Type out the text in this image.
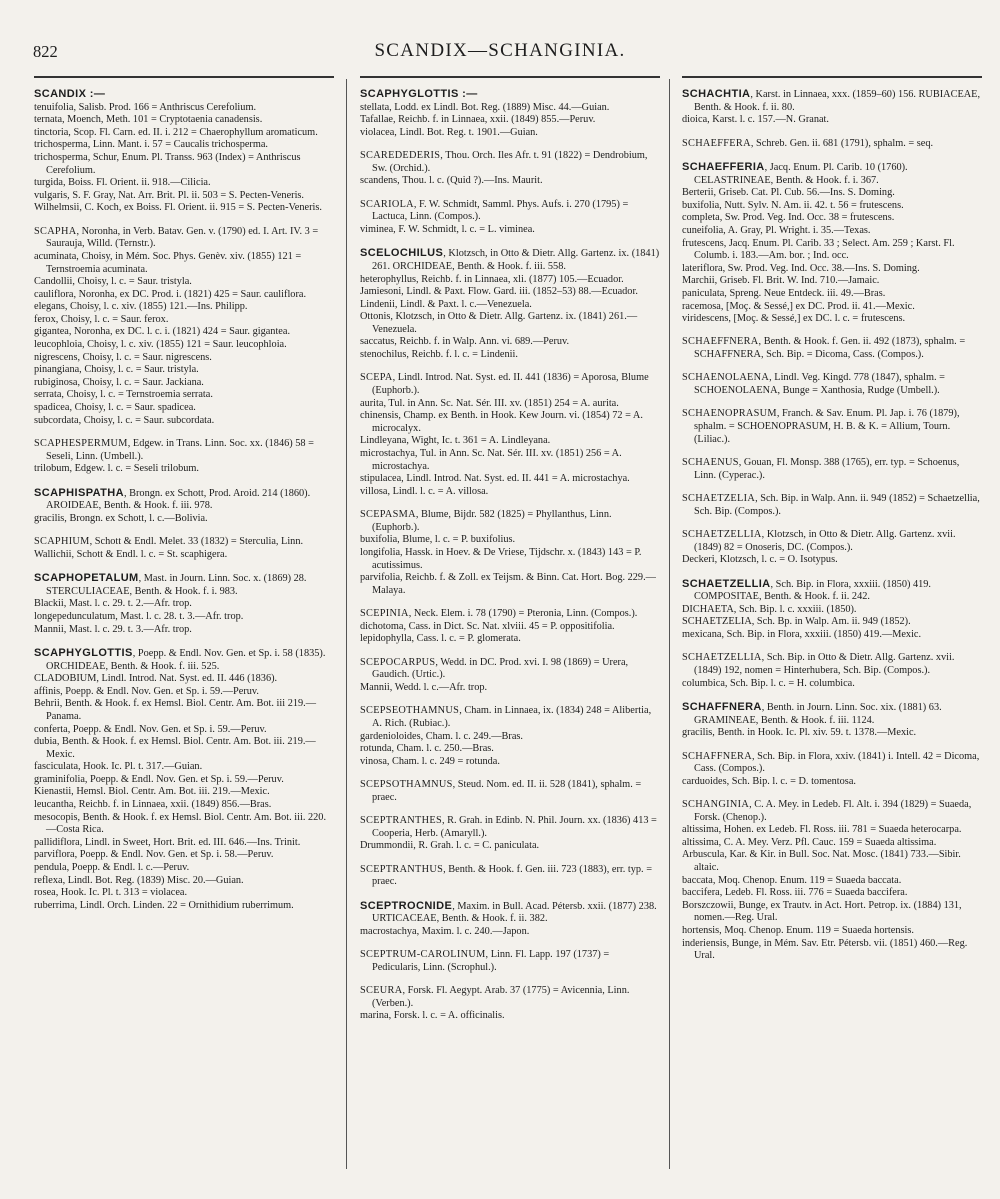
822	SCANDIX—SCHANGINIA.
SCANDIX :—
tenuifolia, Salisb. Prod. 166 = Anthriscus Cerefolium.
ternata, Moench, Meth. 101 = Cryptotaenia canadensis.
tinctoria, Scop. Fl. Carn. ed. II. i. 212 = Chaerophyllum aromaticum.
trichosperma, Linn. Mant. i. 57 = Caucalis trichosperma.
trichosperma, Schur, Enum. Pl. Transs. 963 (Index) = Anthriscus Cerefolium.
turgida, Boiss. Fl. Orient. ii. 918.—Cilicia.
vulgaris, S. F. Gray, Nat. Arr. Brit. Pl. ii. 503 = S. Pecten-Veneris.
Wilhelmsii, C. Koch, ex Boiss. Fl. Orient. ii. 915 = S. Pecten-Veneris.
SCAPHA, Noronha, in Verb. Batav. Gen. v. (1790) ed. I. Art. IV. 3 = Saurauja, Willd. (Ternstr.).
acuminata, Choisy, in Mém. Soc. Phys. Genèv. xiv. (1855) 121 = Ternstroemia acuminata.
Candollii, Choisy, l. c. = Saur. tristyla.
cauliflora, Noronha, ex DC. Prod. i. (1821) 425 = Saur. cauliflora.
elegans, Choisy, l. c. xiv. (1855) 121.—Ins. Philipp.
ferox, Choisy, l. c. = Saur. ferox.
gigantea, Noronha, ex DC. l. c. i. (1821) 424 = Saur. gigantea.
leucophloia, Choisy, l. c. xiv. (1855) 121 = Saur. leucophloia.
nigrescens, Choisy, l. c. = Saur. nigrescens.
pinangiana, Choisy, l. c. = Saur. tristyla.
rubiginosa, Choisy, l. c. = Saur. Jackiana.
serrata, Choisy, l. c. = Ternstroemia serrata.
spadicea, Choisy, l. c. = Saur. spadicea.
subcordata, Choisy, l. c. = Saur. subcordata.
SCAPHESPERMUM, Edgew. in Trans. Linn. Soc. xx. (1846) 58 = Seseli, Linn. (Umbell.).
trilobum, Edgew. l. c. = Seseli trilobum.
SCAPHISPATHA, Brongn. ex Schott, Prod. Aroid. 214 (1860). AROIDEAE, Benth. & Hook. f. iii. 978.
gracilis, Brongn. ex Schott, l. c.—Bolivia.
SCAPHIUM, Schott & Endl. Melet. 33 (1832) = Sterculia, Linn.
Wallichii, Schott & Endl. l. c. = St. scaphigera.
SCAPHOPETALUM, Mast. in Journ. Linn. Soc. x. (1869) 28. STERCULIACEAE, Benth. & Hook. f. i. 983.
Blackii, Mast. l. c. 29. t. 2.—Afr. trop.
longepedunculatum, Mast. l. c. 28. t. 3.—Afr. trop.
Mannii, Mast. l. c. 29. t. 3.—Afr. trop.
SCAPHYGLOTTIS, Poepp. & Endl. Nov. Gen. et Sp. i. 58 (1835). ORCHIDEAE, Benth. & Hook. f. iii. 525.
CLADOBIUM, Lindl. Introd. Nat. Syst. ed. II. 446 (1836).
affinis, Poepp. & Endl. Nov. Gen. et Sp. i. 59.—Peruv.
Behrii, Benth. & Hook. f. ex Hemsl. Biol. Centr. Am. Bot. iii 219.—Panama.
conferta, Poepp. & Endl. Nov. Gen. et Sp. i. 59.—Peruv.
dubia, Benth. & Hook. f. ex Hemsl. Biol. Centr. Am. Bot. iii. 219.—Mexic.
fasciculata, Hook. Ic. Pl. t. 317.—Guian.
graminifolia, Poepp. & Endl. Nov. Gen. et Sp. i. 59.—Peruv.
Kienastii, Hemsl. Biol. Centr. Am. Bot. iii. 219.—Mexic.
leucantha, Reichb. f. in Linnaea, xxii. (1849) 856.—Bras.
mesocopis, Benth. & Hook. f. ex Hemsl. Biol. Centr. Am. Bot. iii. 220.—Costa Rica.
pallidiflora, Lindl. in Sweet, Hort. Brit. ed. III. 646.—Ins. Trinit.
parviflora, Poepp. & Endl. Nov. Gen. et Sp. i. 58.—Peruv.
pendula, Poepp. & Endl. l. c.—Peruv.
reflexa, Lindl. Bot. Reg. (1839) Misc. 20.—Guian.
rosea, Hook. Ic. Pl. t. 313 = violacea.
ruberrima, Lindl. Orch. Linden. 22 = Ornithidium ruberrimum.
SCAPHYGLOTTIS :—
stellata, Lodd. ex Lindl. Bot. Reg. (1889) Misc. 44.—Guian.
Tafallae, Reichb. f. in Linnaea, xxii. (1849) 855.—Peruv.
violacea, Lindl. Bot. Reg. t. 1901.—Guian.
SCAREDEDERIS, Thou. Orch. Iles Afr. t. 91 (1822) = Dendrobium, Sw. (Orchid.).
scandens, Thou. l. c. (Quid ?).—Ins. Maurit.
SCARIOLA, F. W. Schmidt, Samml. Phys. Aufs. i. 270 (1795) = Lactuca, Linn. (Compos.).
viminea, F. W. Schmidt, l. c. = L. viminea.
SCELOCHILUS, Klotzsch, in Otto & Dietr. Allg. Gartenz. ix. (1841) 261. ORCHIDEAE, Benth. & Hook. f. iii. 558.
heterophyllus, Reichb. f. in Linnaea, xli. (1877) 105.—Ecuador.
Jamiesoni, Lindl. & Paxt. Flow. Gard. iii. (1852–53) 88.—Ecuador.
Lindenii, Lindl. & Paxt. l. c.—Venezuela.
Ottonis, Klotzsch, in Otto & Dietr. Allg. Gartenz. ix. (1841) 261.—Venezuela.
saccatus, Reichb. f. in Walp. Ann. vi. 689.—Peruv.
stenochilus, Reichb. f. l. c. = Lindenii.
SCEPA, Lindl. Introd. Nat. Syst. ed. II. 441 (1836) = Aporosa, Blume (Euphorb.).
aurita, Tul. in Ann. Sc. Nat. Sér. III. xv. (1851) 254 = A. aurita.
chinensis, Champ. ex Benth. in Hook. Kew Journ. vi. (1854) 72 = A. microcalyx.
Lindleyana, Wight, Ic. t. 361 = A. Lindleyana.
microstachya, Tul. in Ann. Sc. Nat. Sér. III. xv. (1851) 256 = A. microstachya.
stipulacea, Lindl. Introd. Nat. Syst. ed. II. 441 = A. microstachya.
villosa, Lindl. l. c. = A. villosa.
SCEPASMA, Blume, Bijdr. 582 (1825) = Phyllanthus, Linn. (Euphorb.).
buxifolia, Blume, l. c. = P. buxifolius.
longifolia, Hassk. in Hoev. & De Vriese, Tijdschr. x. (1843) 143 = P. acutissimus.
parvifolia, Reichb. f. & Zoll. ex Teijsm. & Binn. Cat. Hort. Bog. 229.—Malaya.
SCEPINIA, Neck. Elem. i. 78 (1790) = Pteronia, Linn. (Compos.).
dichotoma, Cass. in Dict. Sc. Nat. xlviii. 45 = P. oppositifolia.
lepidophylla, Cass. l. c. = P. glomerata.
SCEPOCARPUS, Wedd. in DC. Prod. xvi. I. 98 (1869) = Urera, Gaudich. (Urtic.).
Mannii, Wedd. l. c.—Afr. trop.
SCEPSEOTHAMNUS, Cham. in Linnaea, ix. (1834) 248 = Alibertia, A. Rich. (Rubiac.).
gardenioloides, Cham. l. c. 249.—Bras.
rotunda, Cham. l. c. 250.—Bras.
vinosa, Cham. l. c. 249 = rotunda.
SCEPSOTHAMNUS, Steud. Nom. ed. II. ii. 528 (1841), sphalm. = praec.
SCEPTRANTHES, R. Grah. in Edinb. N. Phil. Journ. xx. (1836) 413 = Cooperia, Herb. (Amaryll.).
Drummondii, R. Grah. l. c. = C. paniculata.
SCEPTRANTHUS, Benth. & Hook. f. Gen. iii. 723 (1883), err. typ. = praec.
SCEPTROCNIDE, Maxim. in Bull. Acad. Pétersb. xxii. (1877) 238. URTICACEAE, Benth. & Hook. f. ii. 382.
macrostachya, Maxim. l. c. 240.—Japon.
SCEPTRUM-CAROLINUM, Linn. Fl. Lapp. 197 (1737) = Pedicularis, Linn. (Scrophul.).
SCEURA, Forsk. Fl. Aegypt. Arab. 37 (1775) = Avicennia, Linn. (Verben.).
marina, Forsk. l. c. = A. officinalis.
SCHACHTIA, Karst. in Linnaea, xxx. (1859–60) 156. RUBIACEAE, Benth. & Hook. f. ii. 80.
dioica, Karst. l. c. 157.—N. Granat.
SCHAEFFERA, Schreb. Gen. ii. 681 (1791), sphalm. = seq.
SCHAEFFERIA, Jacq. Enum. Pl. Carib. 10 (1760). CELASTRINEAE, Benth. & Hook. f. i. 367.
Berterii, Griseb. Cat. Pl. Cub. 56.—Ins. S. Doming.
buxifolia, Nutt. Sylv. N. Am. ii. 42. t. 56 = frutescens.
completa, Sw. Prod. Veg. Ind. Occ. 38 = frutescens.
cuneifolia, A. Gray, Pl. Wright. i. 35.—Texas.
frutescens, Jacq. Enum. Pl. Carib. 33 ; Select. Am. 259 ; Karst. Fl. Columb. i. 183.—Am. bor. ; Ind. occ.
lateriflora, Sw. Prod. Veg. Ind. Occ. 38.—Ins. S. Doming.
Marchii, Griseb. Fl. Brit. W. Ind. 710.—Jamaic.
paniculata, Spreng. Neue Entdeck. iii. 49.—Bras.
racemosa, [Moç. & Sessé,] ex DC. Prod. ii. 41.—Mexic.
viridescens, [Moç. & Sessé,] ex DC. l. c. = frutescens.
SCHAEFFNERA, Benth. & Hook. f. Gen. ii. 492 (1873), sphalm. = SCHAFFNERA, Sch. Bip. = Dicoma, Cass. (Compos.).
SCHAENOLAENA, Lindl. Veg. Kingd. 778 (1847), sphalm. = SCHOENOLAENA, Bunge = Xanthosia, Rudge (Umbell.).
SCHAENOPRASUM, Franch. & Sav. Enum. Pl. Jap. i. 76 (1879), sphalm. = SCHOENOPRASUM, H. B. & K. = Allium, Tourn. (Liliac.).
SCHAENUS, Gouan, Fl. Monsp. 388 (1765), err. typ. = Schoenus, Linn. (Cyperac.).
SCHAETZELIA, Sch. Bip. in Walp. Ann. ii. 949 (1852) = Schaetzellia, Sch. Bip. (Compos.).
SCHAETZELLIA, Klotzsch, in Otto & Dietr. Allg. Gartenz. xvii. (1849) 82 = Onoseris, DC. (Compos.).
Deckeri, Klotzsch, l. c. = O. Isotypus.
SCHAETZELLIA, Sch. Bip. in Flora, xxxiii. (1850) 419. COMPOSITAE, Benth. & Hook. f. ii. 242.
DICHAETA, Sch. Bip. l. c. xxxiii. (1850).
SCHAETZELIA, Sch. Bp. in Walp. Am. ii. 949 (1852).
mexicana, Sch. Bip. in Flora, xxxiii. (1850) 419.—Mexic.
SCHAETZELLIA, Sch. Bip. in Otto & Dietr. Allg. Gartenz. xvii. (1849) 192, nomen = Hinterhubera, Sch. Bip. (Compos.).
columbica, Sch. Bip. l. c. = H. columbica.
SCHAFFNERA, Benth. in Journ. Linn. Soc. xix. (1881) 63. GRAMINEAE, Benth. & Hook. f. iii. 1124.
gracilis, Benth. in Hook. Ic. Pl. xiv. 59. t. 1378.—Mexic.
SCHAFFNERA, Sch. Bip. in Flora, xxiv. (1841) i. Intell. 42 = Dicoma, Cass. (Compos.).
carduoides, Sch. Bip. l. c. = D. tomentosa.
SCHANGINIA, C. A. Mey. in Ledeb. Fl. Alt. i. 394 (1829) = Suaeda, Forsk. (Chenop.).
altissima, Hohen. ex Ledeb. Fl. Ross. iii. 781 = Suaeda heterocarpa.
altissima, C. A. Mey. Verz. Pfl. Cauc. 159 = Suaeda altissima.
Arbuscula, Kar. & Kir. in Bull. Soc. Nat. Mosc. (1841) 733.—Sibir. altaic.
baccata, Moq. Chenop. Enum. 119 = Suaeda baccata.
baccifera, Ledeb. Fl. Ross. iii. 776 = Suaeda baccifera.
Borszczowii, Bunge, ex Trautv. in Act. Hort. Petrop. ix. (1884) 131, nomen.—Reg. Ural.
hortensis, Moq. Chenop. Enum. 119 = Suaeda hortensis.
inderiensis, Bunge, in Mém. Sav. Etr. Pétersb. vii. (1851) 460.—Reg. Ural.
